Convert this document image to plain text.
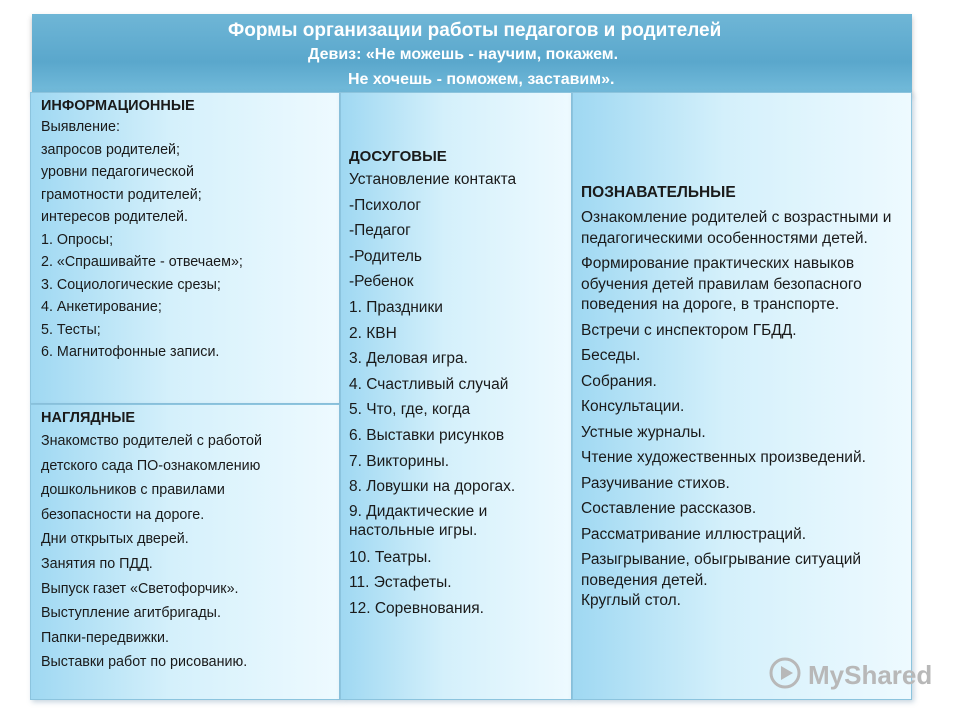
Формы организации работы педагогов и родителей
Девиз: «Не можешь - научим, покажем.
Не хочешь - поможем, заставим».
ИНФОРМАЦИОННЫЕ
Выявление:
запросов родителей;
уровни педагогической
грамотности родителей;
интересов родителей.
1. Опросы;
2. «Спрашивайте - отвечаем»;
3. Социологические срезы;
4. Анкетирование;
5. Тесты;
6. Магнитофонные записи.
НАГЛЯДНЫЕ
Знакомство родителей с работой
детского сада ПО-ознакомлению
дошкольников с правилами
безопасности на дороге.
Дни открытых дверей.
Занятия по ПДД.
Выпуск газет «Светофорчик».
Выступление агитбригады.
Папки-передвижки.
Выставки работ по рисованию.
ДОСУГОВЫЕ
Установление контакта
-Психолог
-Педагог
-Родитель
-Ребенок
1. Праздники
2. КВН
3. Деловая игра.
4. Счастливый случай
5. Что, где, когда
6. Выставки рисунков
7. Викторины.
8. Ловушки на дорогах.
9. Дидактические и настольные игры.
10. Театры.
11. Эстафеты.
12. Соревнования.
ПОЗНАВАТЕЛЬНЫЕ
Ознакомление родителей с возрастными и педагогическими особенностями детей.
Формирование практических навыков обучения детей правилам безопасного поведения на дороге, в транспорте.
Встречи с инспектором ГБДД.
Беседы.
Собрания.
Консультации.
Устные журналы.
Чтение художественных произведений.
Разучивание стихов.
Составление рассказов.
Рассматривание иллюстраций.
Разыгрывание, обыгрывание ситуаций поведения детей.
Круглый стол.
MyShared
